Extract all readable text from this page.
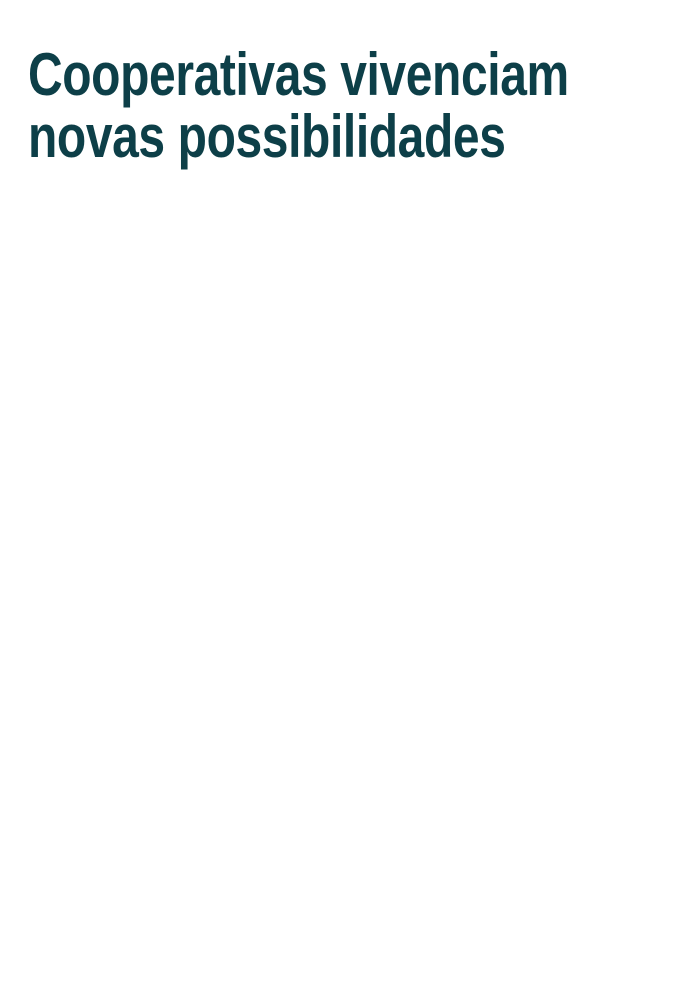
Cooperativas vivenciam
novas possibilidades
